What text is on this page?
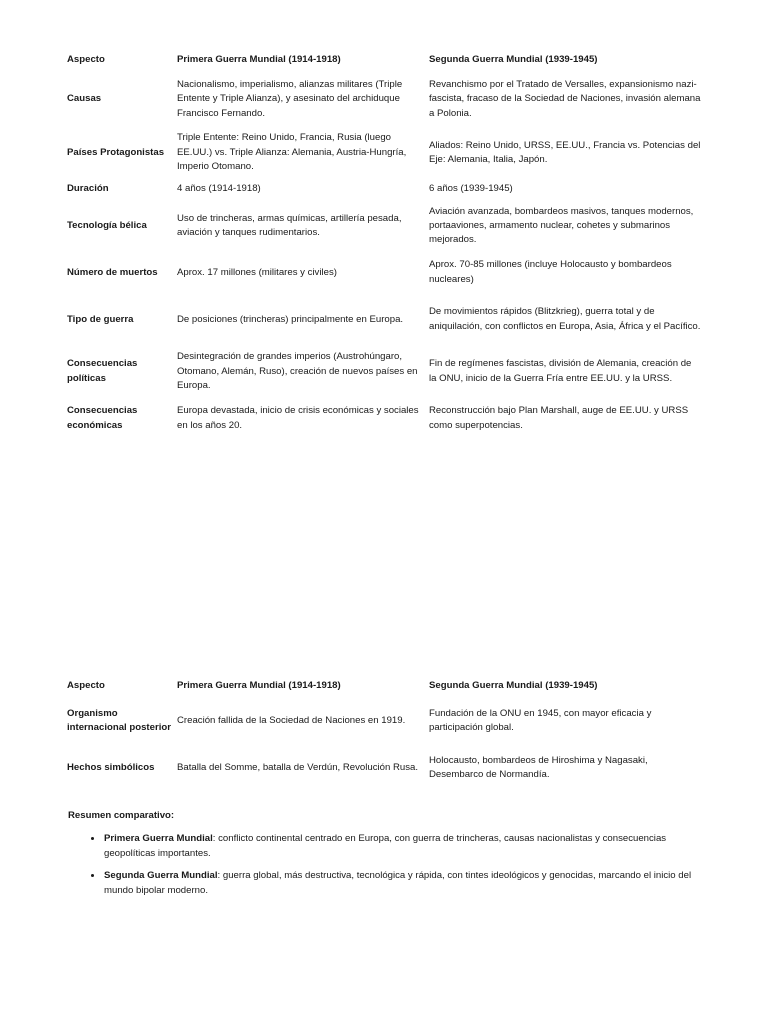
Aspecto	Primera Guerra Mundial (1914-1918)	Segunda Guerra Mundial (1939-1945)
Causas	Nacionalismo, imperialismo, alianzas militares (Triple Entente y Triple Alianza), y asesinato del archiduque Francisco Fernando.	Revanchismo por el Tratado de Versalles, expansionismo nazi-fascista, fracaso de la Sociedad de Naciones, invasión alemana a Polonia.
Países Protagonistas	Triple Entente: Reino Unido, Francia, Rusia (luego EE.UU.) vs. Triple Alianza: Alemania, Austria-Hungría, Imperio Otomano.	Aliados: Reino Unido, URSS, EE.UU., Francia vs. Potencias del Eje: Alemania, Italia, Japón.
Duración	4 años (1914-1918)	6 años (1939-1945)
Tecnología bélica	Uso de trincheras, armas químicas, artillería pesada, aviación y tanques rudimentarios.	Aviación avanzada, bombardeos masivos, tanques modernos, portaaviones, armamento nuclear, cohetes y submarinos mejorados.
Número de muertos	Aprox. 17 millones (militares y civiles)	Aprox. 70-85 millones (incluye Holocausto y bombardeos nucleares)
Tipo de guerra	De posiciones (trincheras) principalmente en Europa.	De movimientos rápidos (Blitzkrieg), guerra total y de aniquilación, con conflictos en Europa, Asia, África y el Pacífico.
Consecuencias políticas	Desintegración de grandes imperios (Austrohúngaro, Otomano, Alemán, Ruso), creación de nuevos países en Europa.	Fin de regímenes fascistas, división de Alemania, creación de la ONU, inicio de la Guerra Fría entre EE.UU. y la URSS.
Consecuencias económicas	Europa devastada, inicio de crisis económicas y sociales en los años 20.	Reconstrucción bajo Plan Marshall, auge de EE.UU. y URSS como superpotencias.
Aspecto	Primera Guerra Mundial (1914-1918)	Segunda Guerra Mundial (1939-1945)
Organismo internacional posterior	Creación fallida de la Sociedad de Naciones en 1919.	Fundación de la ONU en 1945, con mayor eficacia y participación global.
Hechos simbólicos	Batalla del Somme, batalla de Verdún, Revolución Rusa.	Holocausto, bombardeos de Hiroshima y Nagasaki, Desembarco de Normandía.

Resumen comparativo:

• Primera Guerra Mundial: conflicto continental centrado en Europa, con guerra de trincheras, causas nacionalistas y consecuencias geopolíticas importantes.
• Segunda Guerra Mundial: guerra global, más destructiva, tecnológica y rápida, con tintes ideológicos y genocidas, marcando el inicio del mundo bipolar moderno.
